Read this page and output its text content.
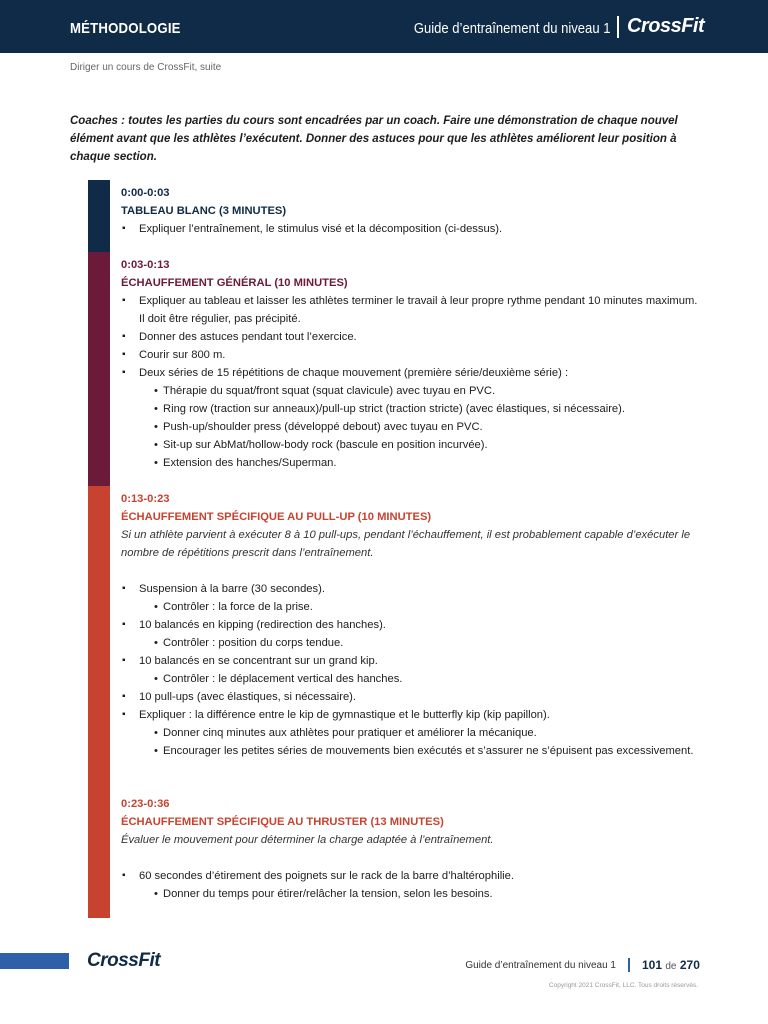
MÉTHODOLOGIE	Guide d’entraînement du niveau 1 CrossFit
Diriger un cours de CrossFit, suite
Coaches : toutes les parties du cours sont encadrées par un coach. Faire une démonstration de chaque nouvel élément avant que les athlètes l’exécutent. Donner des astuces pour que les athlètes améliorent leur position à chaque section.
0:00-0:03
TABLEAU BLANC (3 MINUTES)
▪ Expliquer l’entraînement, le stimulus visé et la décomposition (ci-dessus).
0:03-0:13
ÉCHAUFFEMENT GÉNÉRAL (10 MINUTES)
▪ Expliquer au tableau et laisser les athlètes terminer le travail à leur propre rythme pendant 10 minutes maximum. Il doit être régulier, pas précipité.
▪ Donner des astuces pendant tout l’exercice.
▪ Courir sur 800 m.
▪ Deux séries de 15 répétitions de chaque mouvement (première série/deuxième série) :
• Thérapie du squat/front squat (squat clavicule) avec tuyau en PVC.
• Ring row (traction sur anneaux)/pull-up strict (traction stricte) (avec élastiques, si nécessaire).
• Push-up/shoulder press (développé debout) avec tuyau en PVC.
• Sit-up sur AbMat/hollow-body rock (bascule en position incurvée).
• Extension des hanches/Superman.
0:13-0:23
ÉCHAUFFEMENT SPÉCIFIQUE AU PULL-UP (10 MINUTES)
Si un athlète parvient à exécuter 8 à 10 pull-ups, pendant l’échauffement, il est probablement capable d’exécuter le nombre de répétitions prescrit dans l’entraînement.
▪ Suspension à la barre (30 secondes).
• Contrôler : la force de la prise.
▪ 10 balancés en kipping (redirection des hanches).
• Contrôler : position du corps tendue.
▪ 10 balancés en se concentrant sur un grand kip.
• Contrôler : le déplacement vertical des hanches.
▪ 10 pull-ups (avec élastiques, si nécessaire).
▪ Expliquer : la différence entre le kip de gymnastique et le butterfly kip (kip papillon).
• Donner cinq minutes aux athlètes pour pratiquer et améliorer la mécanique.
• Encourager les petites séries de mouvements bien exécutés et s’assurer ne s’épuisent pas excessivement.
0:23-0:36
ÉCHAUFFEMENT SPÉCIFIQUE AU THRUSTER (13 MINUTES)
Évaluer le mouvement pour déterminer la charge adaptée à l’entraînement.
▪ 60 secondes d’étirement des poignets sur le rack de la barre d’haltérophilie.
• Donner du temps pour étirer/relâcher la tension, selon les besoins.
CrossFit	Guide d’entraînement du niveau 1 101 de 270
Copyright 2021 CrossFit, LLC. Tous droits réservés.
